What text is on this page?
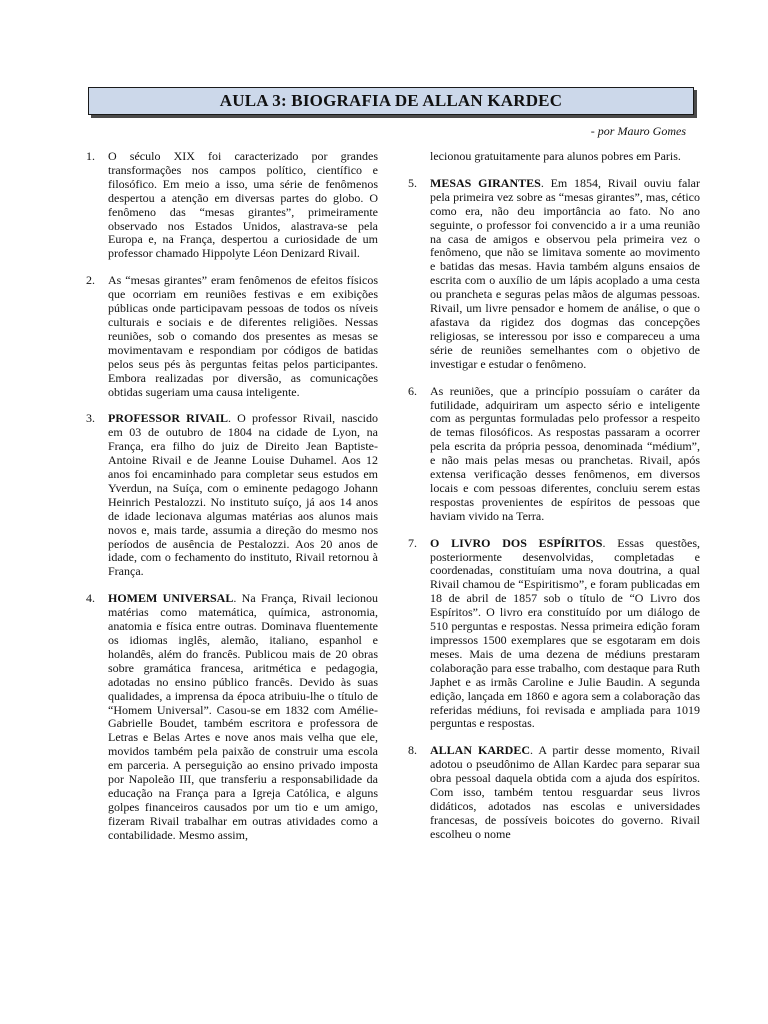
AULA 3: BIOGRAFIA DE ALLAN KARDEC
- por Mauro Gomes
1. O século XIX foi caracterizado por grandes transformações nos campos político, científico e filosófico. Em meio a isso, uma série de fenômenos despertou a atenção em diversas partes do globo. O fenômeno das “mesas girantes”, primeiramente observado nos Estados Unidos, alastrava-se pela Europa e, na França, despertou a curiosidade de um professor chamado Hippolyte Léon Denizard Rivail.
2. As “mesas girantes” eram fenômenos de efeitos físicos que ocorriam em reuniões festivas e em exibições públicas onde participavam pessoas de todos os níveis culturais e sociais e de diferentes religiões. Nessas reuniões, sob o comando dos presentes as mesas se movimentavam e respondiam por códigos de batidas pelos seus pés às perguntas feitas pelos participantes. Embora realizadas por diversão, as comunicações obtidas sugeriam uma causa inteligente.
3. PROFESSOR RIVAIL. O professor Rivail, nascido em 03 de outubro de 1804 na cidade de Lyon, na França, era filho do juiz de Direito Jean Baptiste-Antoine Rivail e de Jeanne Louise Duhamel. Aos 12 anos foi encaminhado para completar seus estudos em Yverdun, na Suíça, com o eminente pedagogo Johann Heinrich Pestalozzi. No instituto suíço, já aos 14 anos de idade lecionava algumas matérias aos alunos mais novos e, mais tarde, assumia a direção do mesmo nos períodos de ausência de Pestalozzi. Aos 20 anos de idade, com o fechamento do instituto, Rivail retornou à França.
4. HOMEM UNIVERSAL. Na França, Rivail lecionou matérias como matemática, química, astronomia, anatomia e física entre outras. Dominava fluentemente os idiomas inglês, alemão, italiano, espanhol e holandês, além do francês. Publicou mais de 20 obras sobre gramática francesa, aritmética e pedagogia, adotadas no ensino público francês. Devido às suas qualidades, a imprensa da época atribuiu-lhe o título de “Homem Universal”. Casou-se em 1832 com Amélie-Gabrielle Boudet, também escritora e professora de Letras e Belas Artes e nove anos mais velha que ele, movidos também pela paixão de construir uma escola em parceria. A perseguição ao ensino privado imposta por Napoleão III, que transferiu a responsabilidade da educação na França para a Igreja Católica, e alguns golpes financeiros causados por um tio e um amigo, fizeram Rivail trabalhar em outras atividades como a contabilidade. Mesmo assim,
lecionou gratuitamente para alunos pobres em Paris.
5. MESAS GIRANTES. Em 1854, Rivail ouviu falar pela primeira vez sobre as “mesas girantes”, mas, cético como era, não deu importância ao fato. No ano seguinte, o professor foi convencido a ir a uma reunião na casa de amigos e observou pela primeira vez o fenômeno, que não se limitava somente ao movimento e batidas das mesas. Havia também alguns ensaios de escrita com o auxílio de um lápis acoplado a uma cesta ou prancheta e seguras pelas mãos de algumas pessoas. Rivail, um livre pensador e homem de análise, o que o afastava da rigidez dos dogmas das concepções religiosas, se interessou por isso e compareceu a uma série de reuniões semelhantes com o objetivo de investigar e estudar o fenômeno.
6. As reuniões, que a princípio possuíam o caráter da futilidade, adquiriram um aspecto sério e inteligente com as perguntas formuladas pelo professor a respeito de temas filosóficos. As respostas passaram a ocorrer pela escrita da própria pessoa, denominada “médium”, e não mais pelas mesas ou pranchetas. Rivail, após extensa verificação desses fenômenos, em diversos locais e com pessoas diferentes, concluiu serem estas respostas provenientes de espíritos de pessoas que haviam vivido na Terra.
7. O LIVRO DOS ESPÍRITOS. Essas questões, posteriormente desenvolvidas, completadas e coordenadas, constituíam uma nova doutrina, a qual Rivail chamou de “Espiritismo”, e foram publicadas em 18 de abril de 1857 sob o título de “O Livro dos Espíritos”. O livro era constituído por um diálogo de 510 perguntas e respostas. Nessa primeira edição foram impressos 1500 exemplares que se esgotaram em dois meses. Mais de uma dezena de médiuns prestaram colaboração para esse trabalho, com destaque para Ruth Japhet e as irmãs Caroline e Julie Baudin. A segunda edição, lançada em 1860 e agora sem a colaboração das referidas médiuns, foi revisada e ampliada para 1019 perguntas e respostas.
8. ALLAN KARDEC. A partir desse momento, Rivail adotou o pseudônimo de Allan Kardec para separar sua obra pessoal daquela obtida com a ajuda dos espíritos. Com isso, também tentou resguardar seus livros didáticos, adotados nas escolas e universidades francesas, de possíveis boicotes do governo. Rivail escolheu o nome
